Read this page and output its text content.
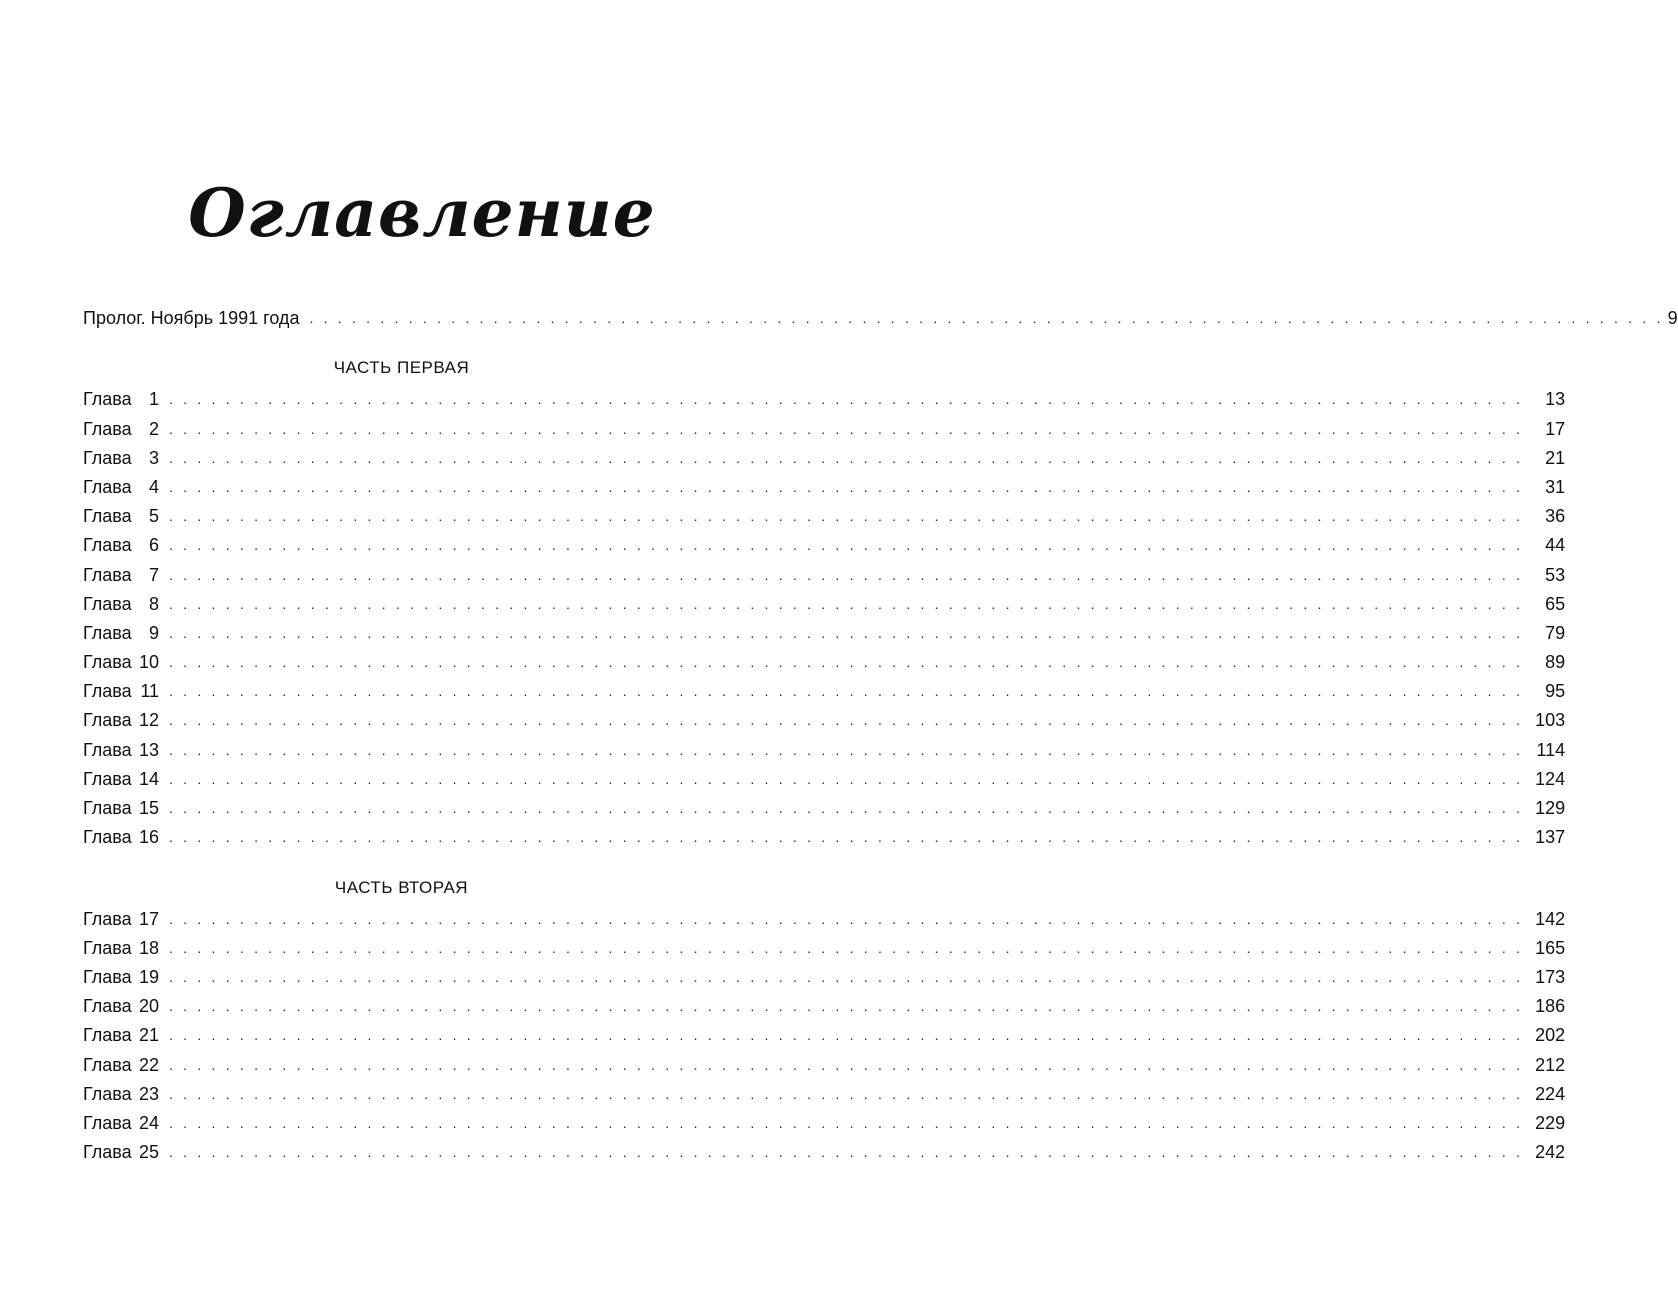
Оглавление
Пролог. Ноябрь 1991 года . . . . . . . . . . . . . . . . . . . . . . . . . . . . . . . . . . . . . . . . . . . . . . . . . . . . . . . . . . . . . . . . . . . . . . . . . . . . . . . . . . . . . . . . . . . . . . . . 9
ЧАСТЬ ПЕРВАЯ
Глава 1 . . . . . . . . . . . . . . . . . . . . . . . . . . . . . . . . . . . . . . . . . . . . . . . . . . . . . . . . . . . . . . . . . . . . . . . . . . . . . . . . . . . . . . . . . . . . . . . .	13
Глава 2 . . . . . . . . . . . . . . . . . . . . . . . . . . . . . . . . . . . . . . . . . . . . . . . . . . . . . . . . . . . . . . . . . . . . . . . . . . . . . . . . . . . . . . . . . . . . . . . .	17
Глава 3 . . . . . . . . . . . . . . . . . . . . . . . . . . . . . . . . . . . . . . . . . . . . . . . . . . . . . . . . . . . . . . . . . . . . . . . . . . . . . . . . . . . . . . . . . . . . . . . .	21
Глава 4 . . . . . . . . . . . . . . . . . . . . . . . . . . . . . . . . . . . . . . . . . . . . . . . . . . . . . . . . . . . . . . . . . . . . . . . . . . . . . . . . . . . . . . . . . . . . . . . .	31
Глава 5 . . . . . . . . . . . . . . . . . . . . . . . . . . . . . . . . . . . . . . . . . . . . . . . . . . . . . . . . . . . . . . . . . . . . . . . . . . . . . . . . . . . . . . . . . . . . . . . .	36
Глава 6 . . . . . . . . . . . . . . . . . . . . . . . . . . . . . . . . . . . . . . . . . . . . . . . . . . . . . . . . . . . . . . . . . . . . . . . . . . . . . . . . . . . . . . . . . . . . . . . .	44
Глава 7 . . . . . . . . . . . . . . . . . . . . . . . . . . . . . . . . . . . . . . . . . . . . . . . . . . . . . . . . . . . . . . . . . . . . . . . . . . . . . . . . . . . . . . . . . . . . . . . .	53
Глава 8 . . . . . . . . . . . . . . . . . . . . . . . . . . . . . . . . . . . . . . . . . . . . . . . . . . . . . . . . . . . . . . . . . . . . . . . . . . . . . . . . . . . . . . . . . . . . . . . .	65
Глава 9 . . . . . . . . . . . . . . . . . . . . . . . . . . . . . . . . . . . . . . . . . . . . . . . . . . . . . . . . . . . . . . . . . . . . . . . . . . . . . . . . . . . . . . . . . . . . . . . .	79
Глава 10 . . . . . . . . . . . . . . . . . . . . . . . . . . . . . . . . . . . . . . . . . . . . . . . . . . . . . . . . . . . . . . . . . . . . . . . . . . . . . . . . . . . . . . . . . . . . . . . .	89
Глава 11 . . . . . . . . . . . . . . . . . . . . . . . . . . . . . . . . . . . . . . . . . . . . . . . . . . . . . . . . . . . . . . . . . . . . . . . . . . . . . . . . . . . . . . . . . . . . . . . .	95
Глава 12 . . . . . . . . . . . . . . . . . . . . . . . . . . . . . . . . . . . . . . . . . . . . . . . . . . . . . . . . . . . . . . . . . . . . . . . . . . . . . . . . . . . . . . . . . . . . . . . . 103
Глава 13 . . . . . . . . . . . . . . . . . . . . . . . . . . . . . . . . . . . . . . . . . . . . . . . . . . . . . . . . . . . . . . . . . . . . . . . . . . . . . . . . . . . . . . . . . . . . . . . . 114
Глава 14 . . . . . . . . . . . . . . . . . . . . . . . . . . . . . . . . . . . . . . . . . . . . . . . . . . . . . . . . . . . . . . . . . . . . . . . . . . . . . . . . . . . . . . . . . . . . . . . . 124
Глава 15 . . . . . . . . . . . . . . . . . . . . . . . . . . . . . . . . . . . . . . . . . . . . . . . . . . . . . . . . . . . . . . . . . . . . . . . . . . . . . . . . . . . . . . . . . . . . . . . . 129
Глава 16 . . . . . . . . . . . . . . . . . . . . . . . . . . . . . . . . . . . . . . . . . . . . . . . . . . . . . . . . . . . . . . . . . . . . . . . . . . . . . . . . . . . . . . . . . . . . . . . . 137
ЧАСТЬ ВТОРАЯ
Глава 17 . . . . . . . . . . . . . . . . . . . . . . . . . . . . . . . . . . . . . . . . . . . . . . . . . . . . . . . . . . . . . . . . . . . . . . . . . . . . . . . . . . . . . . . . . . . . . . . . 142
Глава 18 . . . . . . . . . . . . . . . . . . . . . . . . . . . . . . . . . . . . . . . . . . . . . . . . . . . . . . . . . . . . . . . . . . . . . . . . . . . . . . . . . . . . . . . . . . . . . . . . 165
Глава 19 . . . . . . . . . . . . . . . . . . . . . . . . . . . . . . . . . . . . . . . . . . . . . . . . . . . . . . . . . . . . . . . . . . . . . . . . . . . . . . . . . . . . . . . . . . . . . . . . 173
Глава 20 . . . . . . . . . . . . . . . . . . . . . . . . . . . . . . . . . . . . . . . . . . . . . . . . . . . . . . . . . . . . . . . . . . . . . . . . . . . . . . . . . . . . . . . . . . . . . . . . 186
Глава 21 . . . . . . . . . . . . . . . . . . . . . . . . . . . . . . . . . . . . . . . . . . . . . . . . . . . . . . . . . . . . . . . . . . . . . . . . . . . . . . . . . . . . . . . . . . . . . . . . 202
Глава 22 . . . . . . . . . . . . . . . . . . . . . . . . . . . . . . . . . . . . . . . . . . . . . . . . . . . . . . . . . . . . . . . . . . . . . . . . . . . . . . . . . . . . . . . . . . . . . . . . 212
Глава 23 . . . . . . . . . . . . . . . . . . . . . . . . . . . . . . . . . . . . . . . . . . . . . . . . . . . . . . . . . . . . . . . . . . . . . . . . . . . . . . . . . . . . . . . . . . . . . . . . 224
Глава 24 . . . . . . . . . . . . . . . . . . . . . . . . . . . . . . . . . . . . . . . . . . . . . . . . . . . . . . . . . . . . . . . . . . . . . . . . . . . . . . . . . . . . . . . . . . . . . . . . 229
Глава 25 . . . . . . . . . . . . . . . . . . . . . . . . . . . . . . . . . . . . . . . . . . . . . . . . . . . . . . . . . . . . . . . . . . . . . . . . . . . . . . . . . . . . . . . . . . . . . . . . 242
